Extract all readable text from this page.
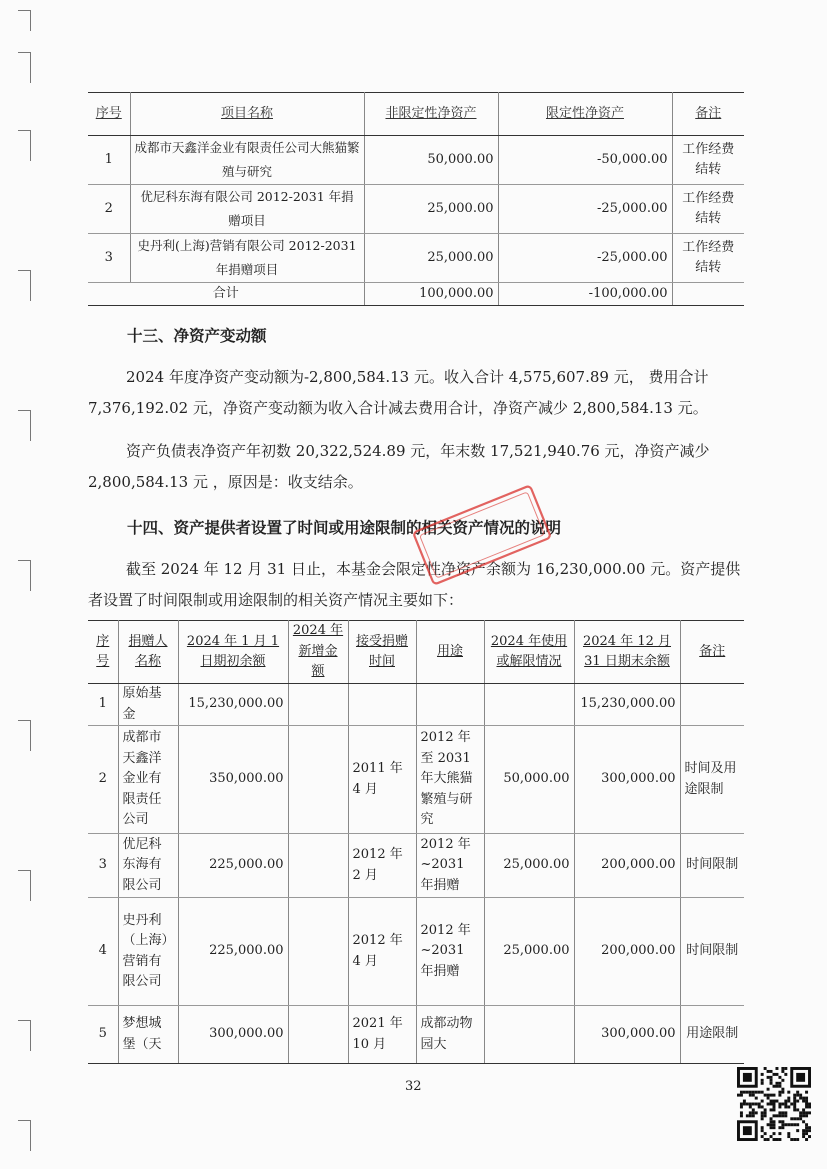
序号	项目名称	非限定性净资产	限定性净资产	备注
1	成都市天鑫洋金业有限责任公司大熊猫繁殖与研究	50,000.00	-50,000.00	工作经费结转
2	优尼科东海有限公司 2012-2031 年捐赠项目	25,000.00	-25,000.00	工作经费结转
3	史丹利(上海)营销有限公司 2012-2031 年捐赠项目	25,000.00	-25,000.00	工作经费结转
合计		100,000.00	-100,000.00	
十三、净资产变动额
2024 年度净资产变动额为-2,800,584.13 元。收入合计 4,575,607.89 元， 费用合计 7,376,192.02 元，净资产变动额为收入合计减去费用合计，净资产减少 2,800,584.13 元。
资产负债表净资产年初数 20,322,524.89 元，年末数 17,521,940.76 元，净资产减少 2,800,584.13 元 ，原因是：收支结余。
十四、资产提供者设置了时间或用途限制的相关资产情况的说明
截至 2024 年 12 月 31 日止，本基金会限定性净资产余额为 16,230,000.00 元。资产提供者设置了时间限制或用途限制的相关资产情况主要如下：
序号	捐赠人名称	2024 年 1 月 1 日期初余额	2024 年新增金额	接受捐赠时间	用途	2024 年使用或解限情况	2024 年 12 月 31 日期末余额	备注
1	原始基金	15,230,000.00					15,230,000.00	
2	成都市天鑫洋金业有限责任公司	350,000.00		2011 年 4 月	2012 年至 2031 年大熊猫繁殖与研究	50,000.00	300,000.00	时间及用途限制
3	优尼科东海有限公司	225,000.00		2012 年 2 月	2012 年 ~2031 年捐赠	25,000.00	200,000.00	时间限制
4	史丹利（上海）营销有限公司	225,000.00		2012 年 4 月	2012 年 ~2031 年捐赠	25,000.00	200,000.00	时间限制
5	梦想城堡（天	300,000.00		2021 年 10 月	成都动物园大		300,000.00	用途限制
32
